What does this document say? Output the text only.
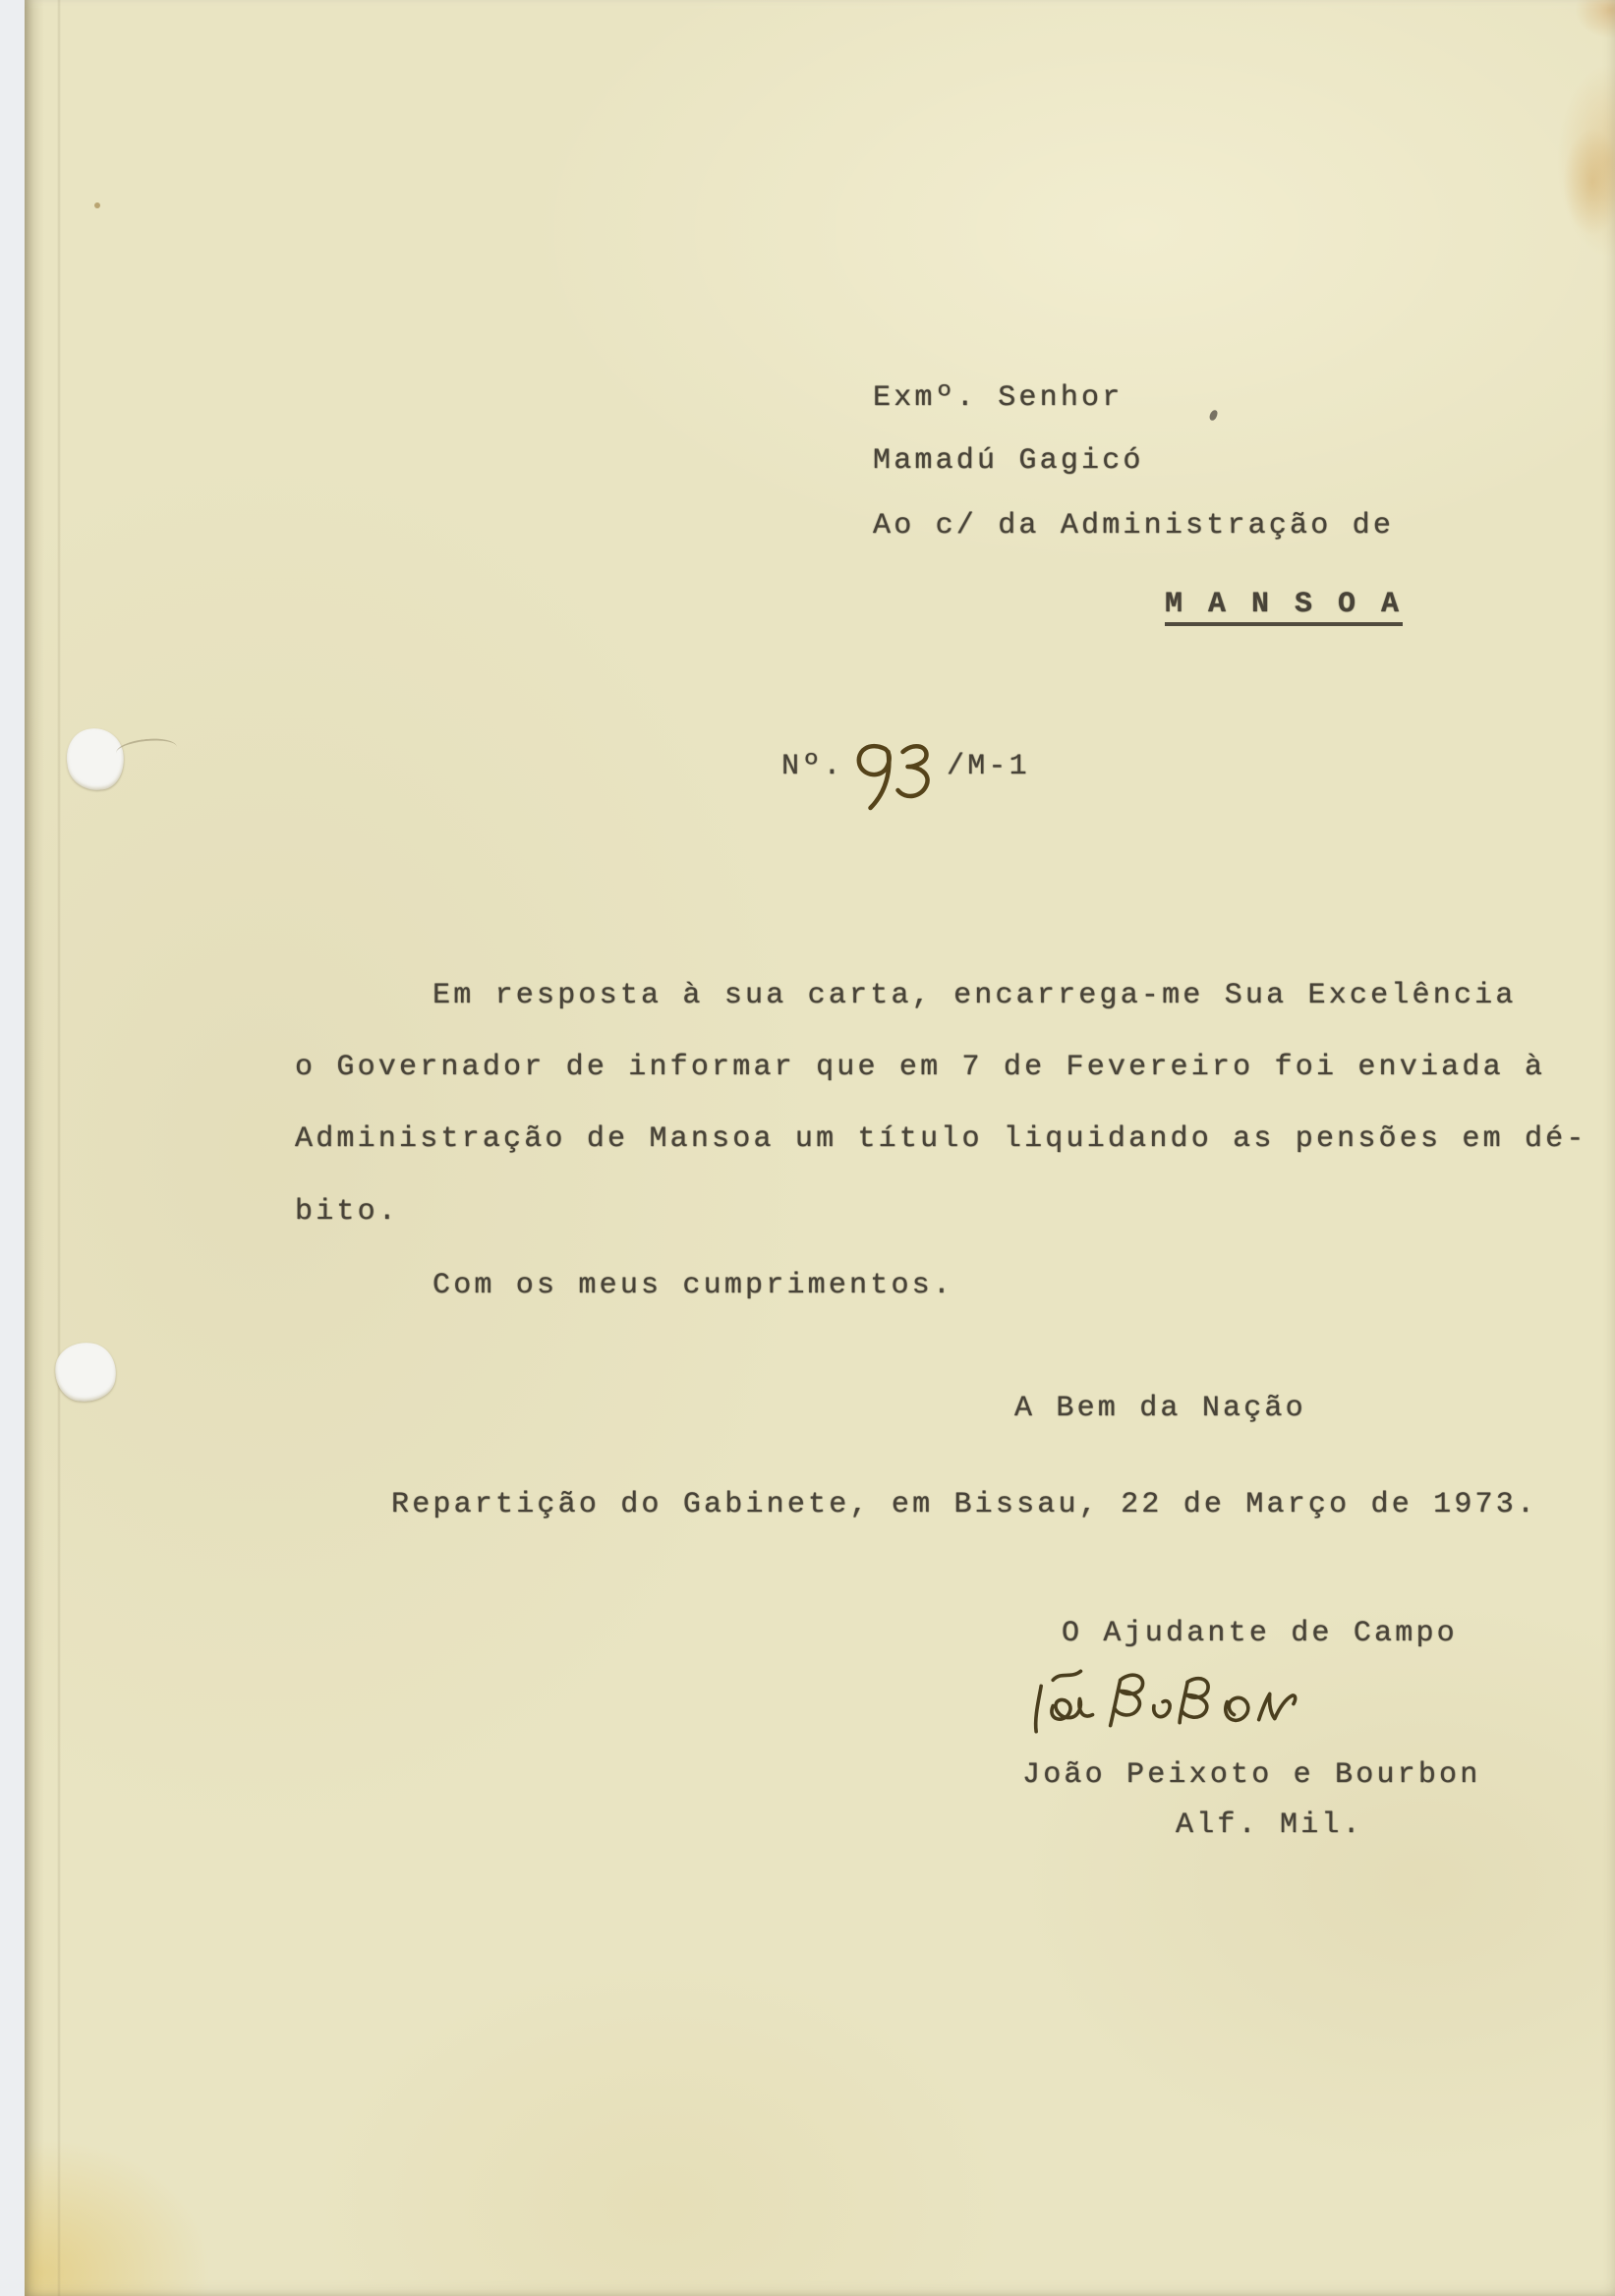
Exmº. Senhor
Mamadú Gagicó
Ao c/ da Administração de
M A N S O A
Nº.	/M-1
Em resposta à sua carta, encarrega-me Sua Excelência
o Governador de informar que em 7 de Fevereiro foi enviada à
Administração de Mansoa um título liquidando as pensões em dé-
bito.
Com os meus cumprimentos.
A Bem da Nação
Repartição do Gabinete, em Bissau, 22 de Março de 1973.
O Ajudante de Campo
João Peixoto e Bourbon
Alf. Mil.
